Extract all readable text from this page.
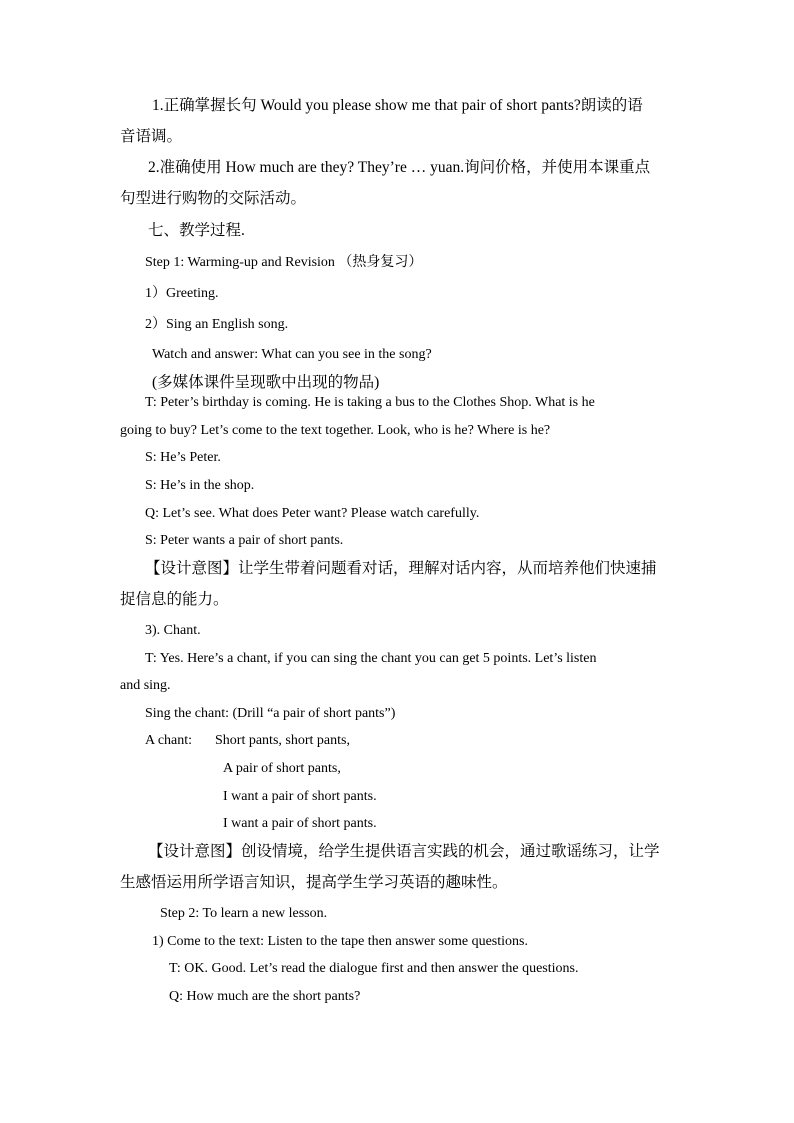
1.正确掌握长句 Would you please show me that pair of short pants?朗读的语
音语调。
2.准确使用 How much are they? They’re … yuan.询问价格，并使用本课重点
句型进行购物的交际活动。
七、教学过程.
Step 1: Warming-up and Revision （热身复习）
1）Greeting.
2）Sing an English song.
Watch and answer: What can you see in the song?
(多媒体课件呈现歌中出现的物品)
T: Peter’s birthday is coming. He is taking a bus to the Clothes Shop. What is he
going to buy? Let’s come to the text together. Look, who is he? Where is he?
S: He’s Peter.
S: He’s in the shop.
Q: Let’s see. What does Peter want? Please watch carefully.
S: Peter wants a pair of short pants.
【设计意图】让学生带着问题看对话，理解对话内容，从而培养他们快速捕
捉信息的能力。
3). Chant.
T: Yes. Here’s a chant, if you can sing the chant you can get 5 points. Let’s listen
and sing.
Sing the chant: (Drill “a pair of short pants”)
A chant: Short pants, short pants,
A pair of short pants,
I want a pair of short pants.
I want a pair of short pants.
【设计意图】创设情境，给学生提供语言实践的机会，通过歌谣练习，让学
生感悟运用所学语言知识，提高学生学习英语的趣味性。
Step 2: To learn a new lesson.
1) Come to the text: Listen to the tape then answer some questions.
T: OK. Good. Let’s read the dialogue first and then answer the questions.
Q: How much are the short pants?
